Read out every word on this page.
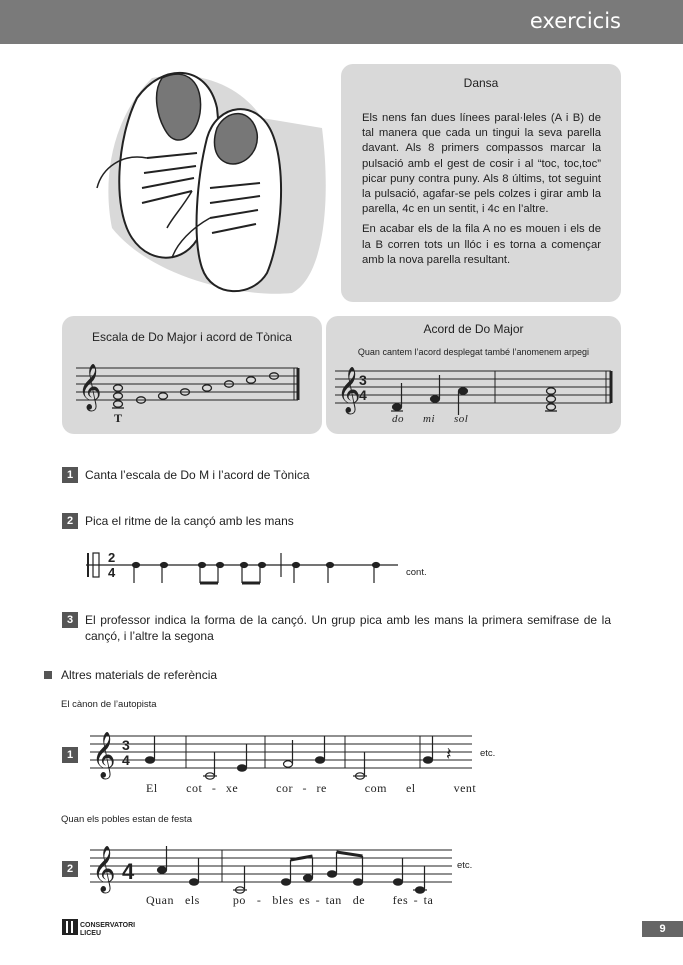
exercicis
Dansa

Els nens fan dues línees paral·leles (A i B) de tal manera que cada un tingui la seva parella davant. Als 8 primers compassos marcar la pulsació amb el gest de cosir i al “toc, toc,toc” picar puny contra puny. Als 8 últims, tot seguint la pulsació, agafar-se pels colzes i girar amb la parella, 4c en un sentit, i 4c en l’altre.

En acabar els de la fila A no es mouen i els de la B corren tots un llóc i es torna a començar amb la nova parella resultant.

Escala de Do Major i acord de Tònica
𝄞
T
Acord de Do Major
Quan cantem l’acord desplegat també l’anomenem arpegi
𝄞
3
4
do mi sol
1 Canta l’escala de Do M i l’acord de Tònica
2 Pica el ritme de la cançó amb les mans
2
4	cont.
3 El professor indica la forma de la cançó. Un grup pica amb les mans la primera semifrase de la cançó, i l’altre la segona
Altres materials de referència
El cànon de l’autopista
1 𝄞 3
4	𝄽	etc.
El   cot - xe    cor - re    com  el    vent
Quan els pobles estan de festa
2 𝄞 4	etc.
Quan  els      po  -  bles es - tan  de     fes - ta
CONSERVATORI
LICEU	9
